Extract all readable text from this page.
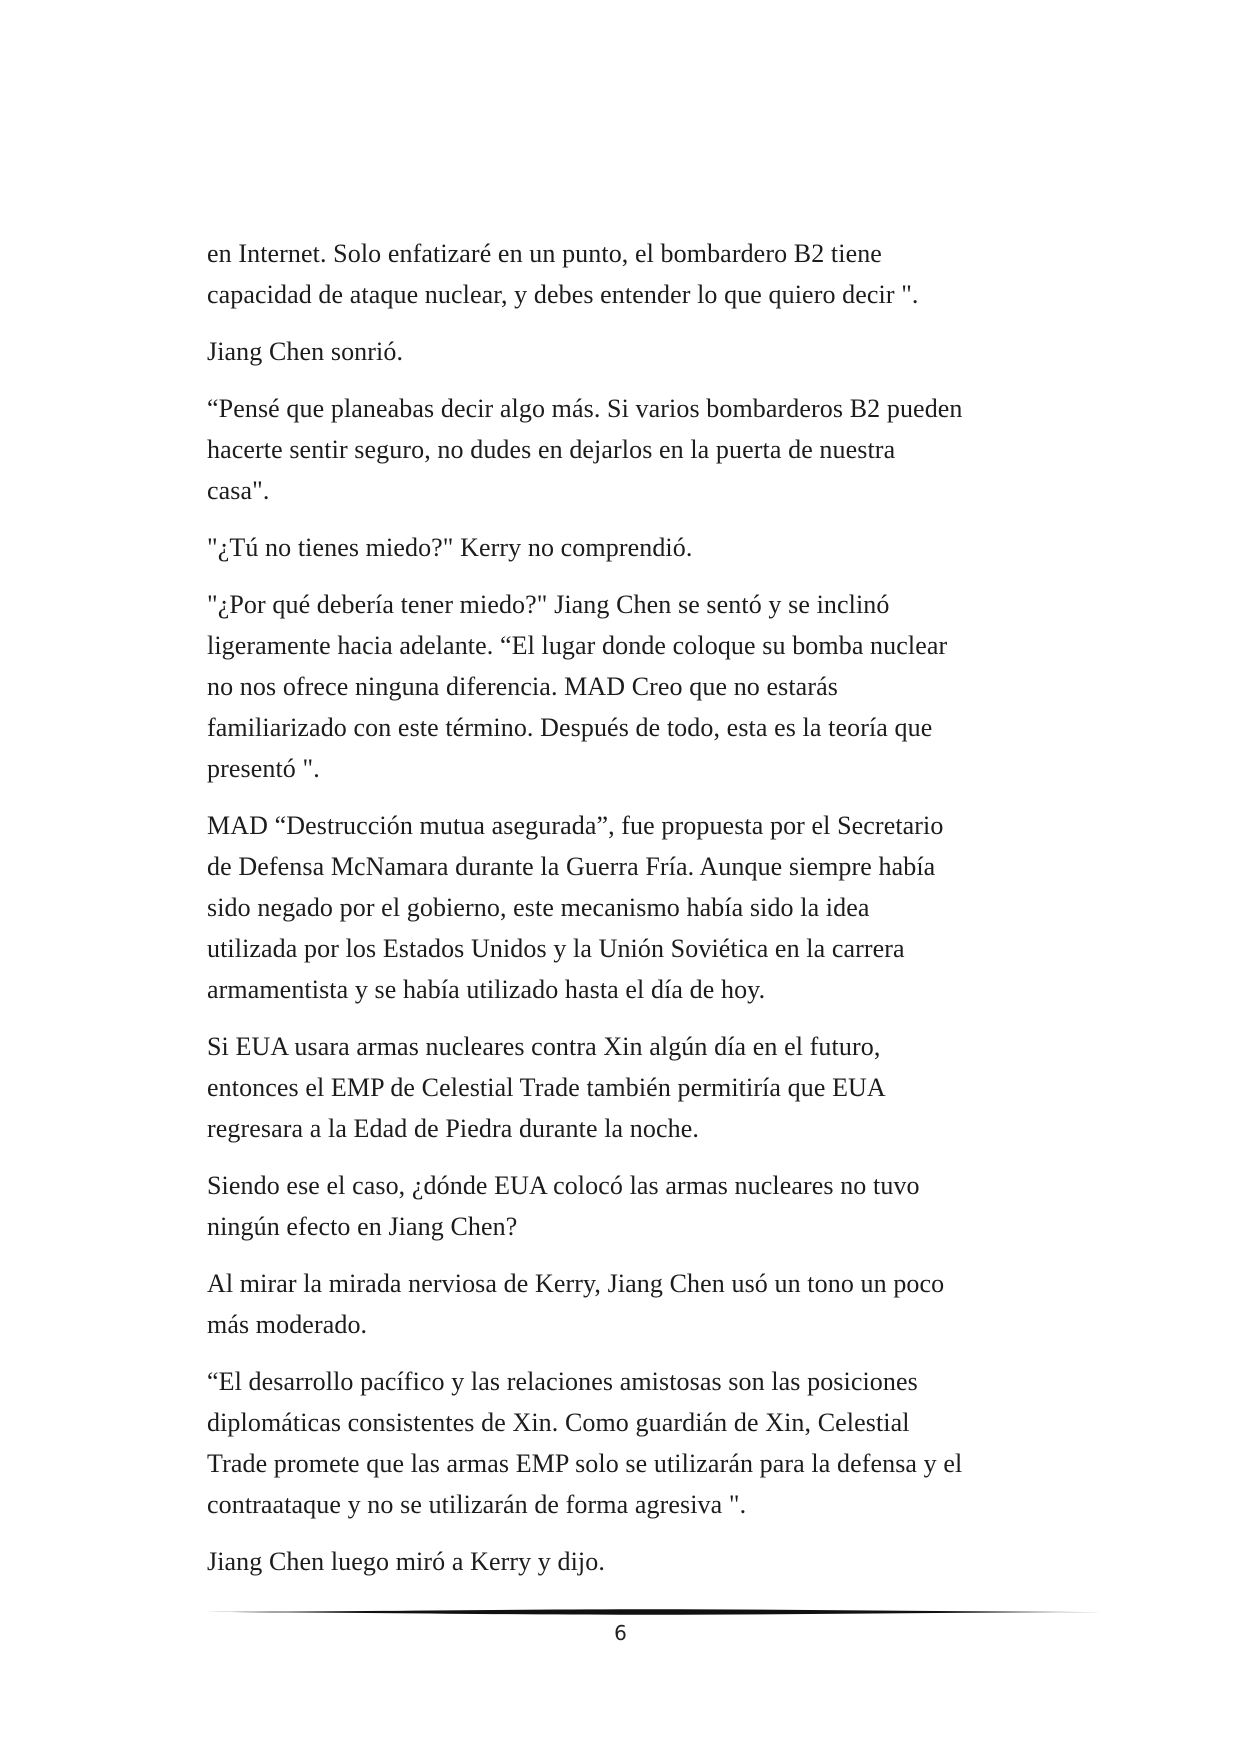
en Internet. Solo enfatizaré en un punto, el bombardero B2 tiene
capacidad de ataque nuclear, y debes entender lo que quiero decir ".

Jiang Chen sonrió.

“Pensé que planeabas decir algo más. Si varios bombarderos B2 pueden
hacerte sentir seguro, no dudes en dejarlos en la puerta de nuestra
casa".

"¿Tú no tienes miedo?" Kerry no comprendió.

"¿Por qué debería tener miedo?" Jiang Chen se sentó y se inclinó
ligeramente hacia adelante. “El lugar donde coloque su bomba nuclear
no nos ofrece ninguna diferencia. MAD Creo que no estarás
familiarizado con este término. Después de todo, esta es la teoría que
presentó ".

MAD “Destrucción mutua asegurada”, fue propuesta por el Secretario
de Defensa McNamara durante la Guerra Fría. Aunque siempre había
sido negado por el gobierno, este mecanismo había sido la idea
utilizada por los Estados Unidos y la Unión Soviética en la carrera
armamentista y se había utilizado hasta el día de hoy.

Si EUA usara armas nucleares contra Xin algún día en el futuro,
entonces el EMP de Celestial Trade también permitiría que EUA
regresara a la Edad de Piedra durante la noche.

Siendo ese el caso, ¿dónde EUA colocó las armas nucleares no tuvo
ningún efecto en Jiang Chen?

Al mirar la mirada nerviosa de Kerry, Jiang Chen usó un tono un poco
más moderado.

“El desarrollo pacífico y las relaciones amistosas son las posiciones
diplomáticas consistentes de Xin. Como guardián de Xin, Celestial
Trade promete que las armas EMP solo se utilizarán para la defensa y el
contraataque y no se utilizarán de forma agresiva ".

Jiang Chen luego miró a Kerry y dijo.

6
